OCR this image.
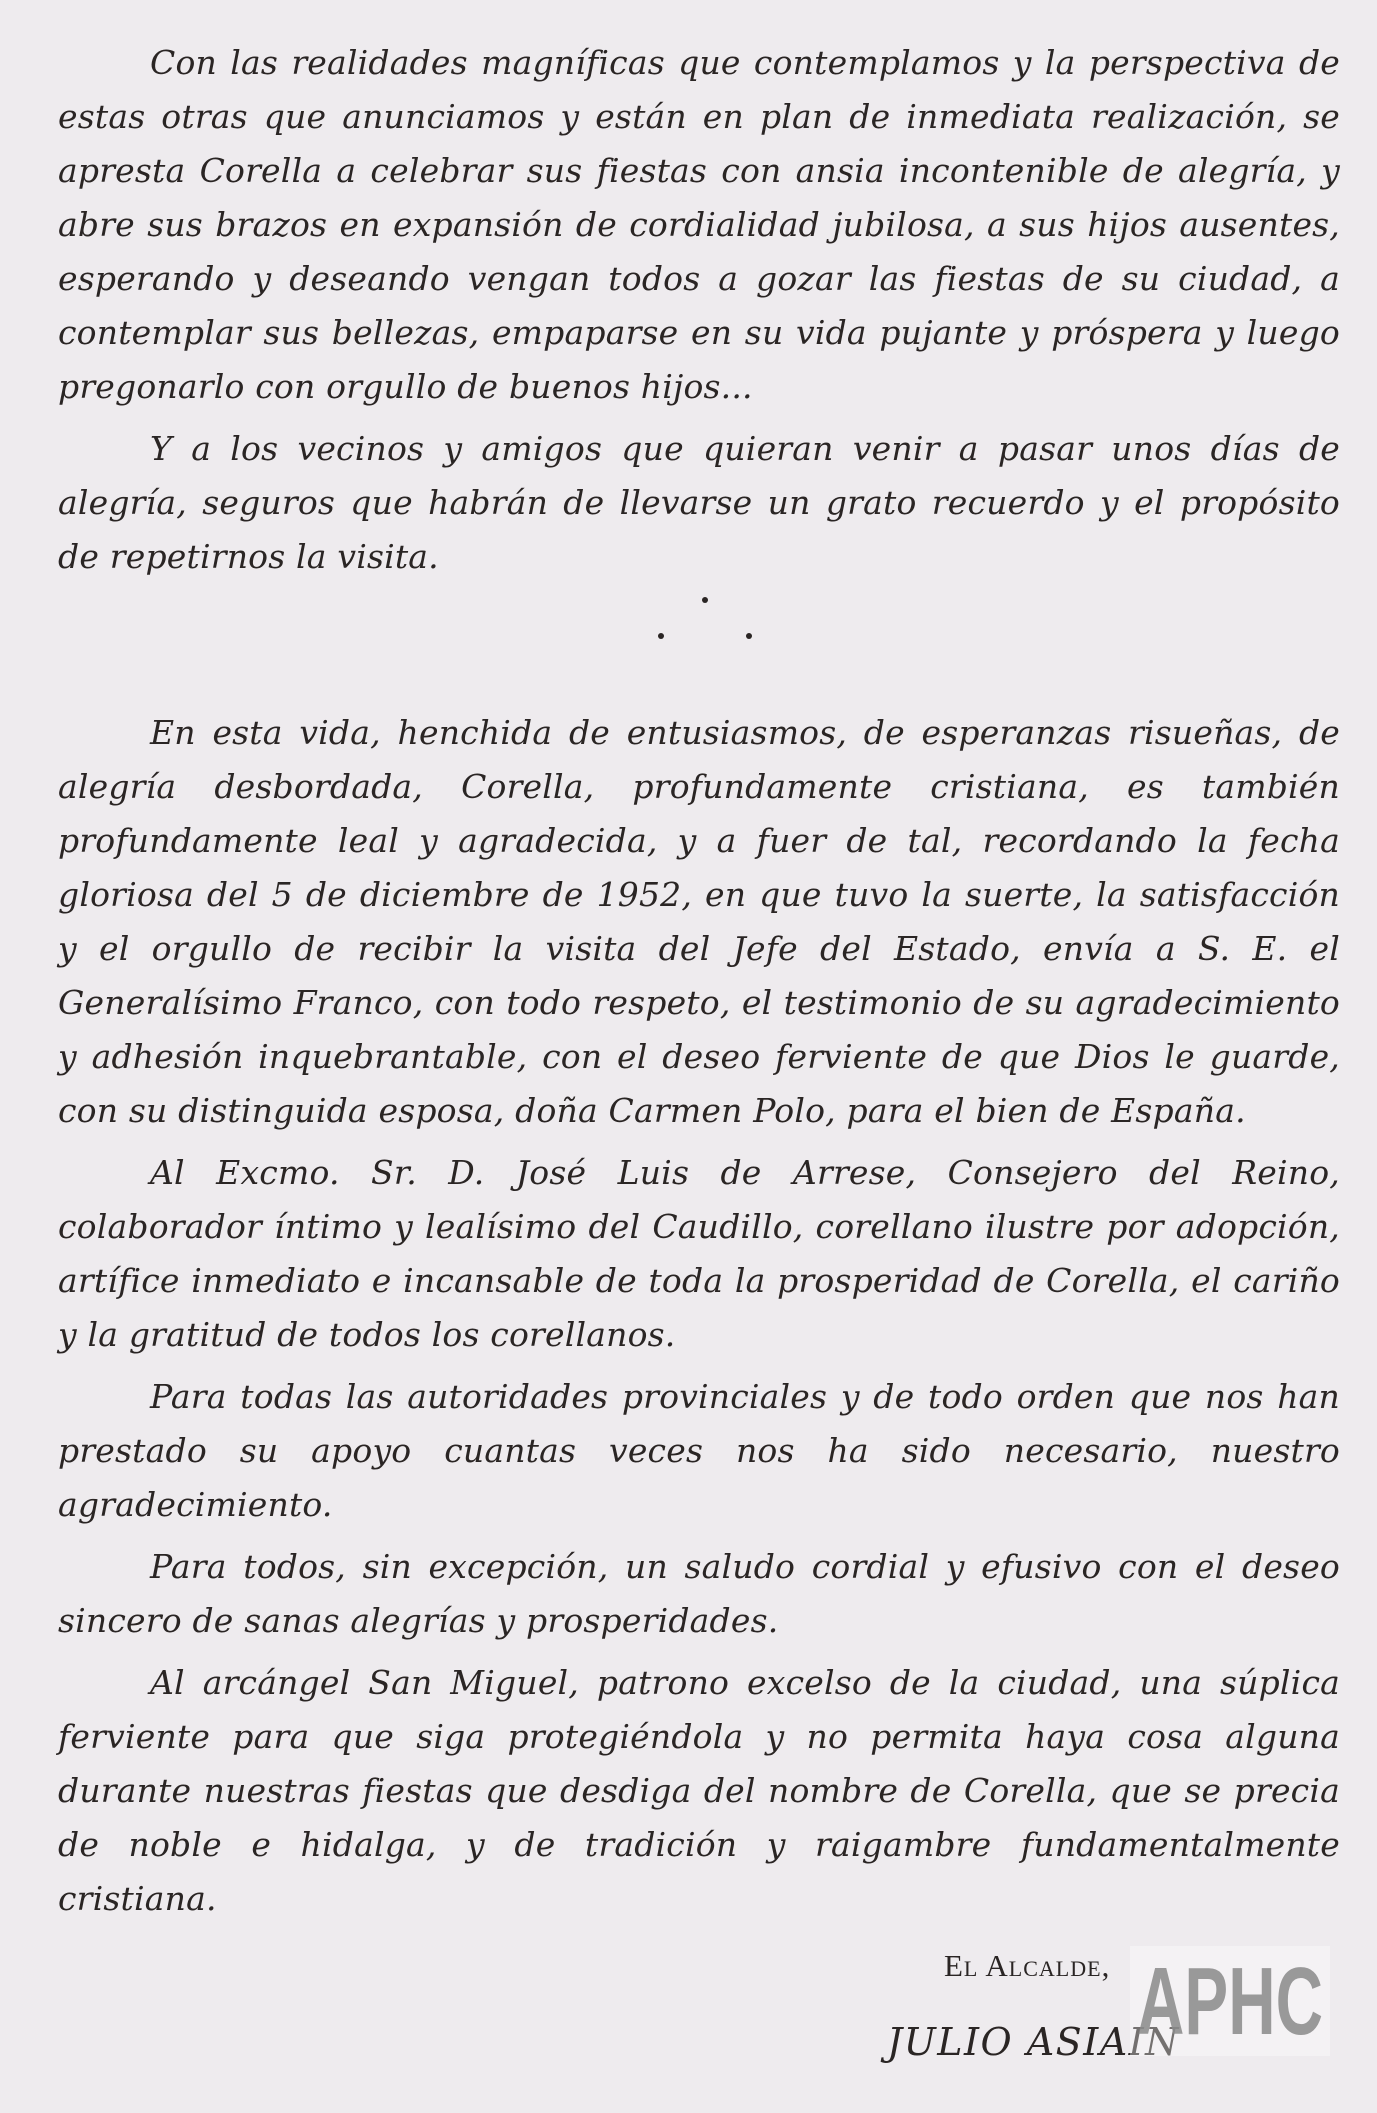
Con las realidades magníficas que contemplamos y la perspectiva de estas otras que anunciamos y están en plan de inmediata realización, se apresta Corella a celebrar sus fiestas con ansia incontenible de alegría, y abre sus brazos en expansión de cordialidad jubilosa, a sus hijos ausentes, esperando y deseando vengan todos a gozar las fiestas de su ciudad, a contemplar sus bellezas, empaparse en su vida pujante y próspera y luego pregonarlo con orgullo de buenos hijos...

Y a los vecinos y amigos que quieran venir a pasar unos días de alegría, seguros que habrán de llevarse un grato recuerdo y el propósito de repetirnos la visita.

En esta vida, henchida de entusiasmos, de esperanzas risueñas, de alegría desbordada, Corella, profundamente cristiana, es también profundamente leal y agradecida, y a fuer de tal, recordando la fecha gloriosa del 5 de diciembre de 1952, en que tuvo la suerte, la satisfacción y el orgullo de recibir la visita del Jefe del Estado, envía a S. E. el Generalísimo Franco, con todo respeto, el testimonio de su agradecimiento y adhesión inquebrantable, con el deseo ferviente de que Dios le guarde, con su distinguida esposa, doña Carmen Polo, para el bien de España.

Al Excmo. Sr. D. José Luis de Arrese, Consejero del Reino, colaborador íntimo y lealísimo del Caudillo, corellano ilustre por adopción, artífice inmediato e incansable de toda la prosperidad de Corella, el cariño y la gratitud de todos los corellanos.

Para todas las autoridades provinciales y de todo orden que nos han prestado su apoyo cuantas veces nos ha sido necesario, nuestro agradecimiento.

Para todos, sin excepción, un saludo cordial y efusivo con el deseo sincero de sanas alegrías y prosperidades.

Al arcángel San Miguel, patrono excelso de la ciudad, una súplica ferviente para que siga protegiéndola y no permita haya cosa alguna durante nuestras fiestas que desdiga del nombre de Corella, que se precia de noble e hidalga, y de tradición y raigambre fundamentalmente cristiana.

El Alcalde,
JULIO ASIAIN
APHC
